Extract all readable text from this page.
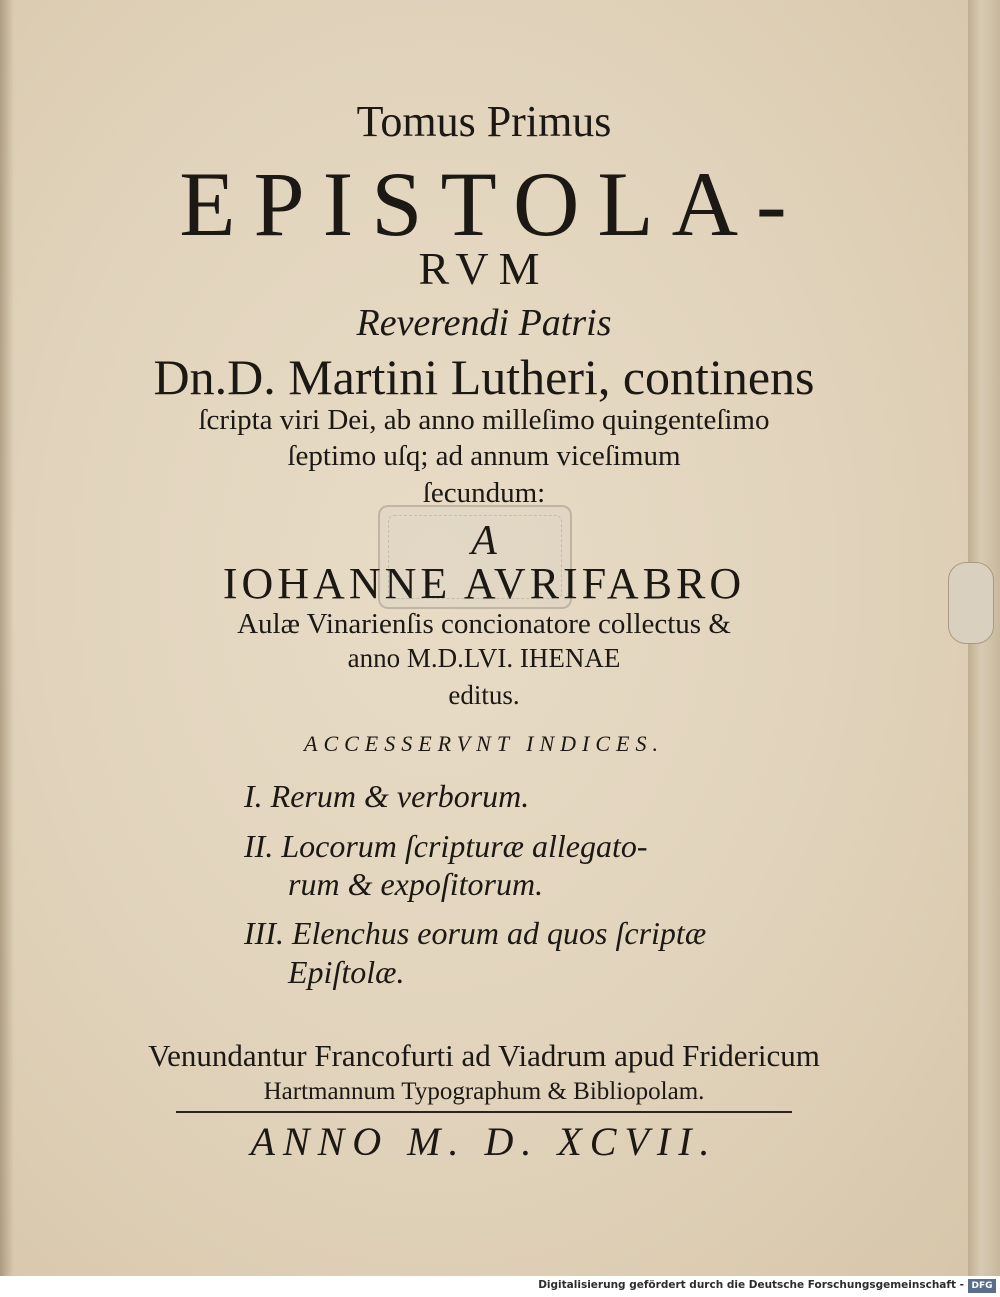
Tomus Primus
EPISTOLA-
RVM
Reverendi Patris
Dn.D. Martini Lutheri, continens
ſcripta viri Dei, ab anno milleſimo quingenteſimo
ſeptimo uſq; ad annum viceſimum
ſecundum:
A
IOHANNE AVRIFABRO
Aulæ Vinarienſis concionatore collectus &
anno M.D.LVI. IHENAE
editus.
ACCESSERVNT INDICES.
I. Rerum & verborum.
II. Locorum ſcripturæ allegato-
rum & expoſitorum.
III. Elenchus eorum ad quos ſcriptæ
Epiſtolæ.
Venundantur Francofurti ad Viadrum apud Fridericum
Hartmannum Typographum & Bibliopolam.
ANNO M. D. XCVII.
Digitalisierung gefördert durch die Deutsche Forschungsgemeinschaft - DFG
